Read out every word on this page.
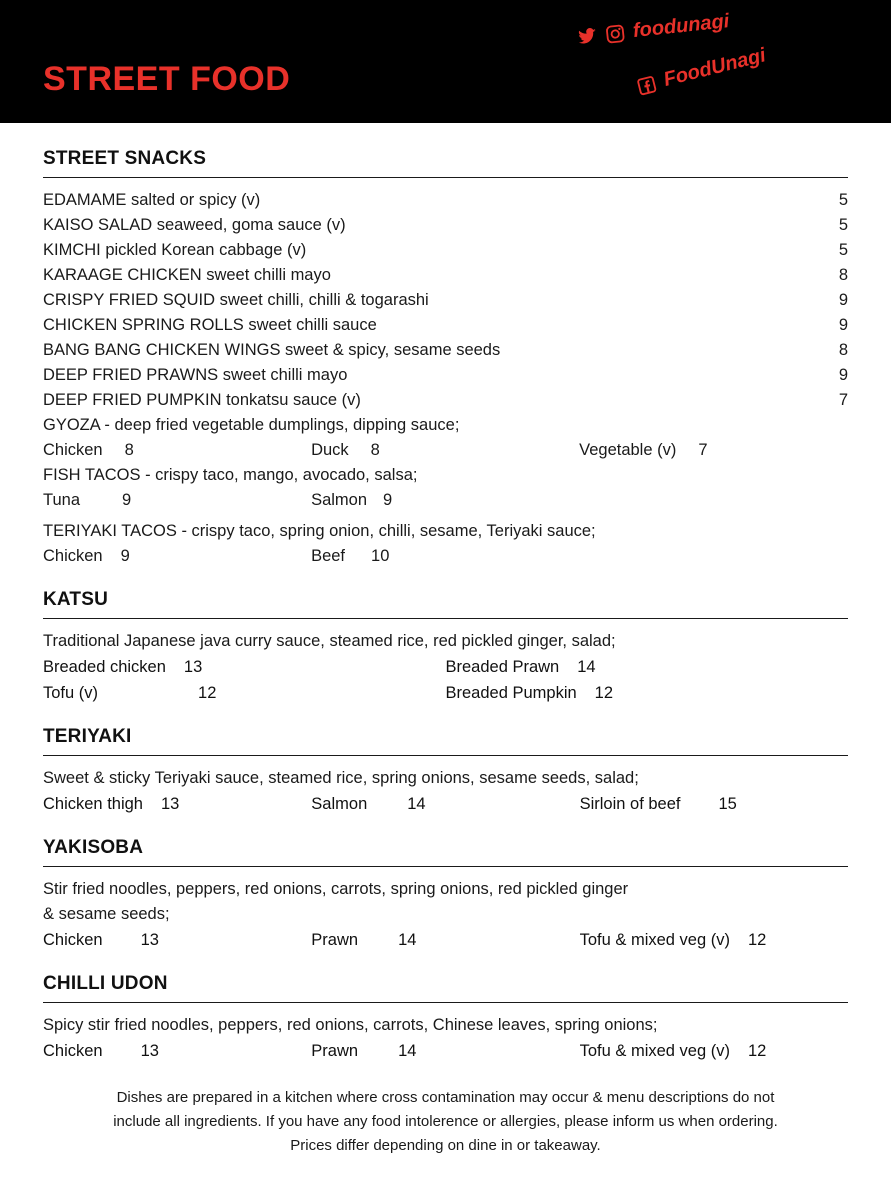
STREET FOOD
foodunagi
FoodUnagi
STREET SNACKS
EDAMAME salted or spicy (v)	5
KAISO SALAD seaweed, goma sauce (v)	5
KIMCHI pickled Korean cabbage (v)	5
KARAAGE CHICKEN sweet chilli mayo	8
CRISPY FRIED SQUID sweet chilli, chilli & togarashi	9
CHICKEN SPRING ROLLS sweet chilli sauce	9
BANG BANG CHICKEN WINGS sweet & spicy, sesame seeds	8
DEEP FRIED PRAWNS sweet chilli mayo	9
DEEP FRIED PUMPKIN tonkatsu sauce (v)	7
GYOZA - deep fried vegetable dumplings, dipping sauce;
Chicken 8	Duck 8	Vegetable (v) 7
FISH TACOS - crispy taco, mango, avocado, salsa;
Tuna	9	Salmon 9
TERIYAKI TACOS - crispy taco, spring onion, chilli, sesame, Teriyaki sauce;
Chicken 9	Beef 10
KATSU
Traditional Japanese java curry sauce, steamed rice, red pickled ginger, salad;
Breaded chicken 13	Breaded Prawn 14
Tofu (v)	12	Breaded Pumpkin 12
TERIYAKI
Sweet & sticky Teriyaki sauce, steamed rice, spring onions, sesame seeds, salad;
Chicken thigh 13	Salmon 14	Sirloin of beef 15
YAKISOBA
Stir fried noodles, peppers, red onions, carrots, spring onions, red pickled ginger
& sesame seeds;
Chicken 13	Prawn 14	Tofu & mixed veg (v) 12
CHILLI UDON
Spicy stir fried noodles, peppers, red onions, carrots, Chinese leaves, spring onions;
Chicken 13	Prawn 14	Tofu & mixed veg (v) 12
Dishes are prepared in a kitchen where cross contamination may occur & menu descriptions do not
include all ingredients. If you have any food intolerence or allergies, please inform us when ordering.
Prices differ depending on dine in or takeaway.
